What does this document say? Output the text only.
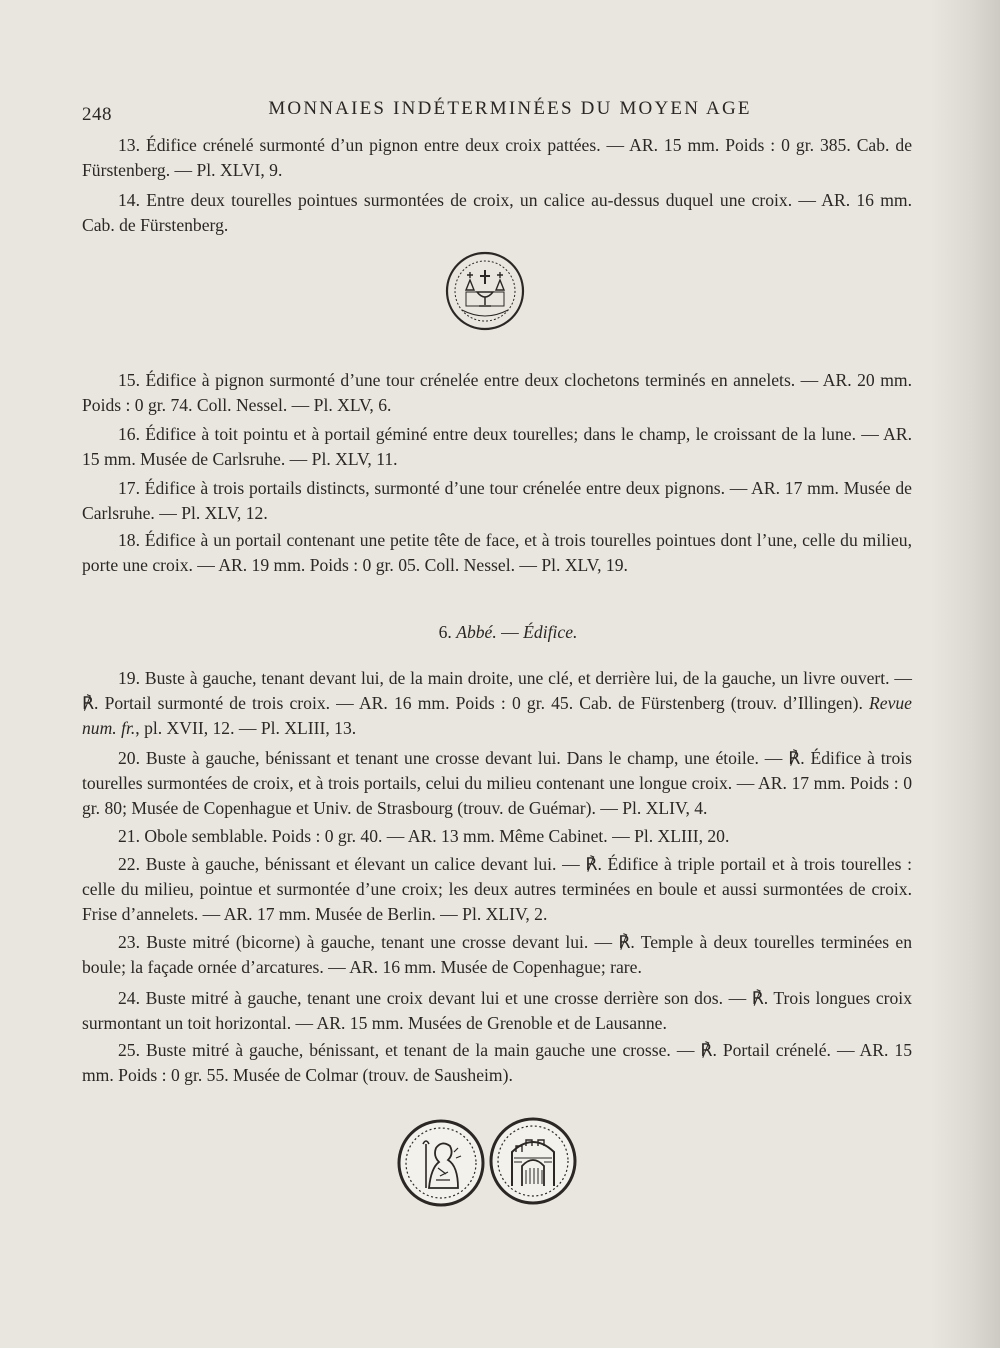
248	MONNAIES INDÉTERMINÉES DU MOYEN AGE

13. Édifice crénelé surmonté d’un pignon entre deux croix pattées. — AR. 15 mm. Poids : 0 gr. 385. Cab. de Fürstenberg. — Pl. XLVI, 9.

14. Entre deux tourelles pointues surmontées de croix, un calice au-dessus duquel une croix. — AR. 16 mm. Cab. de Fürstenberg.

15. Édifice à pignon surmonté d’une tour crénelée entre deux clochetons terminés en annelets. — AR. 20 mm. Poids : 0 gr. 74. Coll. Nessel. — Pl. XLV, 6.

16. Édifice à toit pointu et à portail géminé entre deux tourelles; dans le champ, le croissant de la lune. — AR. 15 mm. Musée de Carlsruhe. — Pl. XLV, 11.

17. Édifice à trois portails distincts, surmonté d’une tour crénelée entre deux pignons. — AR. 17 mm. Musée de Carlsruhe. — Pl. XLV, 12.

18. Édifice à un portail contenant une petite tête de face, et à trois tourelles pointues dont l’une, celle du milieu, porte une croix. — AR. 19 mm. Poids : 0 gr. 05. Coll. Nessel. — Pl. XLV, 19.

6. Abbé. — Édifice.

19. Buste à gauche, tenant devant lui, de la main droite, une clé, et derrière lui, de la gauche, un livre ouvert. — ℟. Portail surmonté de trois croix. — AR. 16 mm. Poids : 0 gr. 45. Cab. de Fürstenberg (trouv. d’Illingen). Revue num. fr., pl. XVII, 12. — Pl. XLIII, 13.

20. Buste à gauche, bénissant et tenant une crosse devant lui. Dans le champ, une étoile. — ℟. Édifice à trois tourelles surmontées de croix, et à trois portails, celui du milieu contenant une longue croix. — AR. 17 mm. Poids : 0 gr. 80; Musée de Copenhague et Univ. de Strasbourg (trouv. de Guémar). — Pl. XLIV, 4.

21. Obole semblable. Poids : 0 gr. 40. — AR. 13 mm. Même Cabinet. — Pl. XLIII, 20.

22. Buste à gauche, bénissant et élevant un calice devant lui. — ℟. Édifice à triple portail et à trois tourelles : celle du milieu, pointue et surmontée d’une croix; les deux autres terminées en boule et aussi surmontées de croix. Frise d’annelets. — AR. 17 mm. Musée de Berlin. — Pl. XLIV, 2.

23. Buste mitré (bicorne) à gauche, tenant une crosse devant lui. — ℟. Temple à deux tourelles terminées en boule; la façade ornée d’arcatures. — AR. 16 mm. Musée de Copenhague; rare.

24. Buste mitré à gauche, tenant une croix devant lui et une crosse derrière son dos. — ℟. Trois longues croix surmontant un toit horizontal. — AR. 15 mm. Musées de Grenoble et de Lausanne.

25. Buste mitré à gauche, bénissant, et tenant de la main gauche une crosse. — ℟. Portail crénelé. — AR. 15 mm. Poids : 0 gr. 55. Musée de Colmar (trouv. de Sausheim).
